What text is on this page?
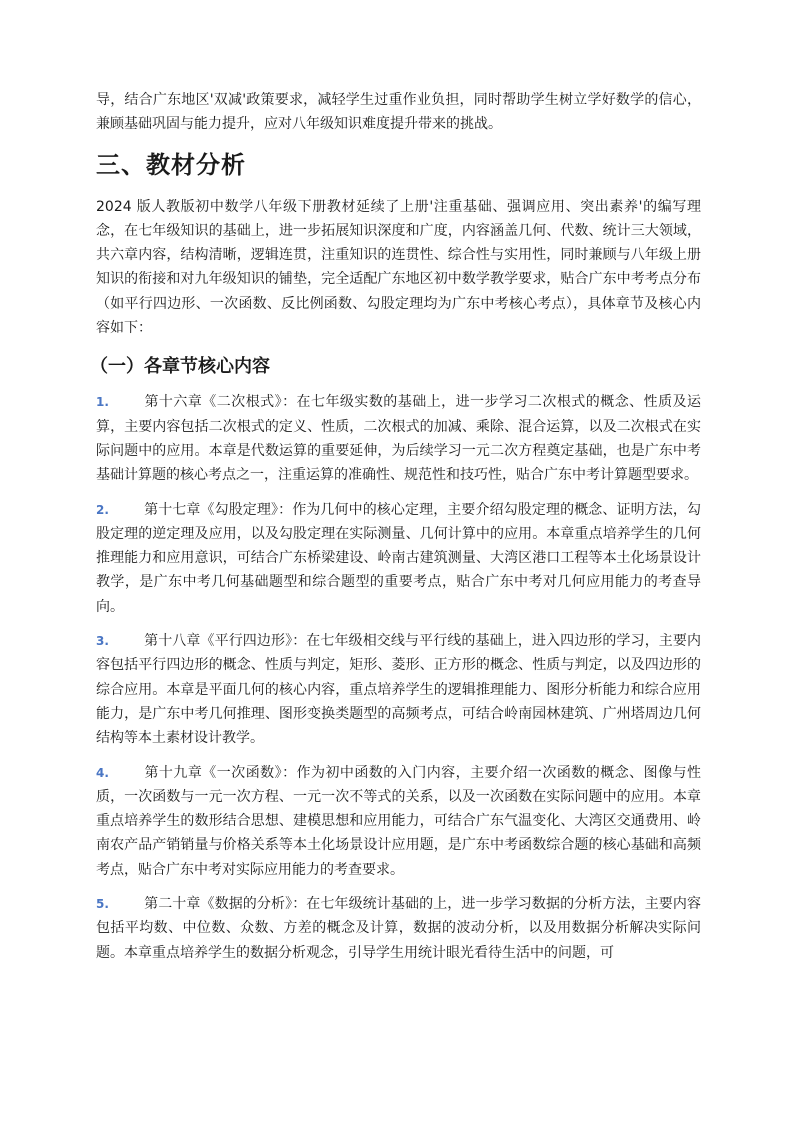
导，结合广东地区'双减'政策要求，减轻学生过重作业负担，同时帮助学生树立学好数学的信心，兼顾基础巩固与能力提升，应对八年级知识难度提升带来的挑战。

三、教材分析

2024 版人教版初中数学八年级下册教材延续了上册'注重基础、强调应用、突出素养'的编写理念，在七年级知识的基础上，进一步拓展知识深度和广度，内容涵盖几何、代数、统计三大领域，共六章内容，结构清晰，逻辑连贯，注重知识的连贯性、综合性与实用性，同时兼顾与八年级上册知识的衔接和对九年级知识的铺垫，完全适配广东地区初中数学教学要求，贴合广东中考考点分布（如平行四边形、一次函数、反比例函数、勾股定理均为广东中考核心考点），具体章节及核心内容如下：

（一）各章节核心内容

1.	第十六章《二次根式》：在七年级实数的基础上，进一步学习二次根式的概念、性质及运算，主要内容包括二次根式的定义、性质，二次根式的加减、乘除、混合运算，以及二次根式在实际问题中的应用。本章是代数运算的重要延伸，为后续学习一元二次方程奠定基础，也是广东中考基础计算题的核心考点之一，注重运算的准确性、规范性和技巧性，贴合广东中考计算题型要求。

2.	第十七章《勾股定理》：作为几何中的核心定理，主要介绍勾股定理的概念、证明方法，勾股定理的逆定理及应用，以及勾股定理在实际测量、几何计算中的应用。本章重点培养学生的几何推理能力和应用意识，可结合广东桥梁建设、岭南古建筑测量、大湾区港口工程等本土化场景设计教学，是广东中考几何基础题型和综合题型的重要考点，贴合广东中考对几何应用能力的考查导向。

3.	第十八章《平行四边形》：在七年级相交线与平行线的基础上，进入四边形的学习，主要内容包括平行四边形的概念、性质与判定，矩形、菱形、正方形的概念、性质与判定，以及四边形的综合应用。本章是平面几何的核心内容，重点培养学生的逻辑推理能力、图形分析能力和综合应用能力，是广东中考几何推理、图形变换类题型的高频考点，可结合岭南园林建筑、广州塔周边几何结构等本土素材设计教学。

4.	第十九章《一次函数》：作为初中函数的入门内容，主要介绍一次函数的概念、图像与性质，一次函数与一元一次方程、一元一次不等式的关系，以及一次函数在实际问题中的应用。本章重点培养学生的数形结合思想、建模思想和应用能力，可结合广东气温变化、大湾区交通费用、岭南农产品产销销量与价格关系等本土化场景设计应用题，是广东中考函数综合题的核心基础和高频考点，贴合广东中考对实际应用能力的考查要求。

5.	第二十章《数据的分析》：在七年级统计基础的上，进一步学习数据的分析方法，主要内容包括平均数、中位数、众数、方差的概念及计算，数据的波动分析，以及用数据分析解决实际问题。本章重点培养学生的数据分析观念，引导学生用统计眼光看待生活中的问题，可
